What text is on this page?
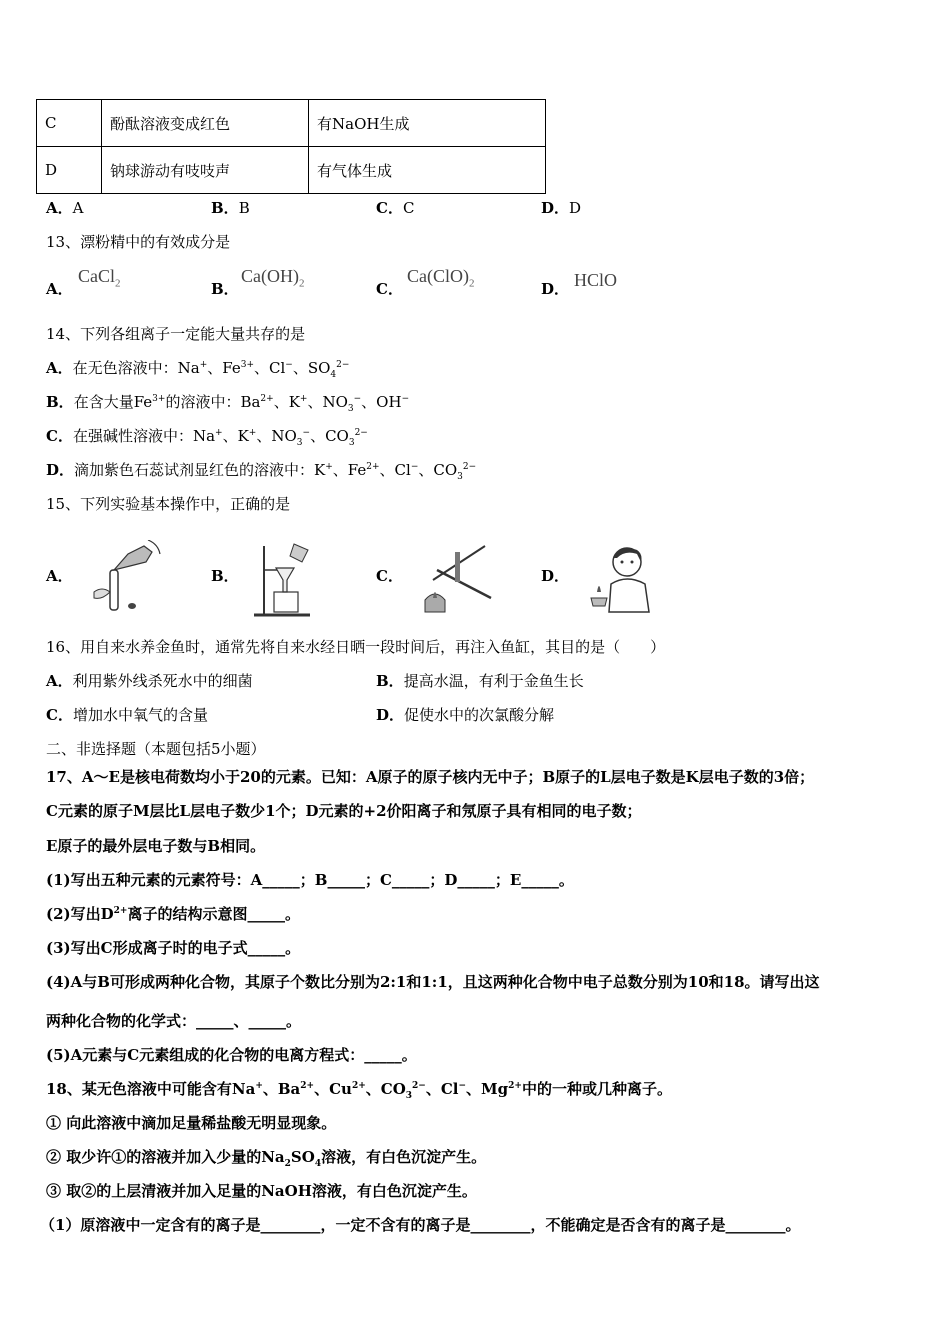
C	酚酞溶液变成红色	有NaOH生成
D	钠球游动有吱吱声	有气体生成
A．A	B．B	C．C	D．D
13、漂粉精中的有效成分是
A．
CaCl$_2$	B．
$Ca(OH)_2$	C．
$Ca(ClO)_2$	D． HClO
14、下列各组离子一定能大量共存的是
A．在无色溶液中：Na+、$Fe^{3+}$、Cl−、$SO_4^{2-}$
B．在含大量$Fe^{3+}$的溶液中：$Ba^{2+}$、K+、$NO_3^-$、OH−
C．在强碱性溶液中：Na+、K+、$NO_3^-$、$CO_3^{2-}$
D．滴加紫色石蕊试剂显红色的溶液中：K+、$Fe^{2+}$、Cl−、$CO_3^{2-}$
15、下列实验基本操作中，正确的是
A．	B．	C．	D．
16、用自来水养金鱼时，通常先将自来水经日晒一段时间后，再注入鱼缸，其目的是（　　）
A．利用紫外线杀死水中的细菌	B．提高水温，有利于金鱼生长
C．增加水中氧气的含量	D．促使水中的次氯酸分解
二、非选择题（本题包括5小题）
17、A～E是核电荷数均小于20的元素。已知：A原子的原子核内无中子；B原子的L层电子数是K层电子数的3倍；
C元素的原子M层比L层电子数少1个；D元素的+2价阳离子和氖原子具有相同的电子数；
E原子的最外层电子数与B相同。
(1)写出五种元素的元素符号：A_____；B_____；C_____；D_____；E_____。
(2)写出$D^{2+}$离子的结构示意图_____。
(3)写出C形成离子时的电子式_____。
(4)A与B可形成两种化合物，其原子个数比分别为2:1和1:1，且这两种化合物中电子总数分别为10和18。请写出这
两种化合物的化学式：_____、_____。
(5)A元素与C元素组成的化合物的电离方程式：_____。
18、某无色溶液中可能含有Na+、$Ba^{2+}$、$Cu^{2+}$、$CO_3^{2-}$、Cl−、$Mg^{2+}$中的一种或几种离子。
① 向此溶液中滴加足量稀盐酸无明显现象。
② 取少许①的溶液并加入少量的$Na_2SO_4$溶液，有白色沉淀产生。
③ 取②的上层清液并加入足量的NaOH溶液，有白色沉淀产生。
（1）原溶液中一定含有的离子是________，一定不含有的离子是________，不能确定是否含有的离子是________。
